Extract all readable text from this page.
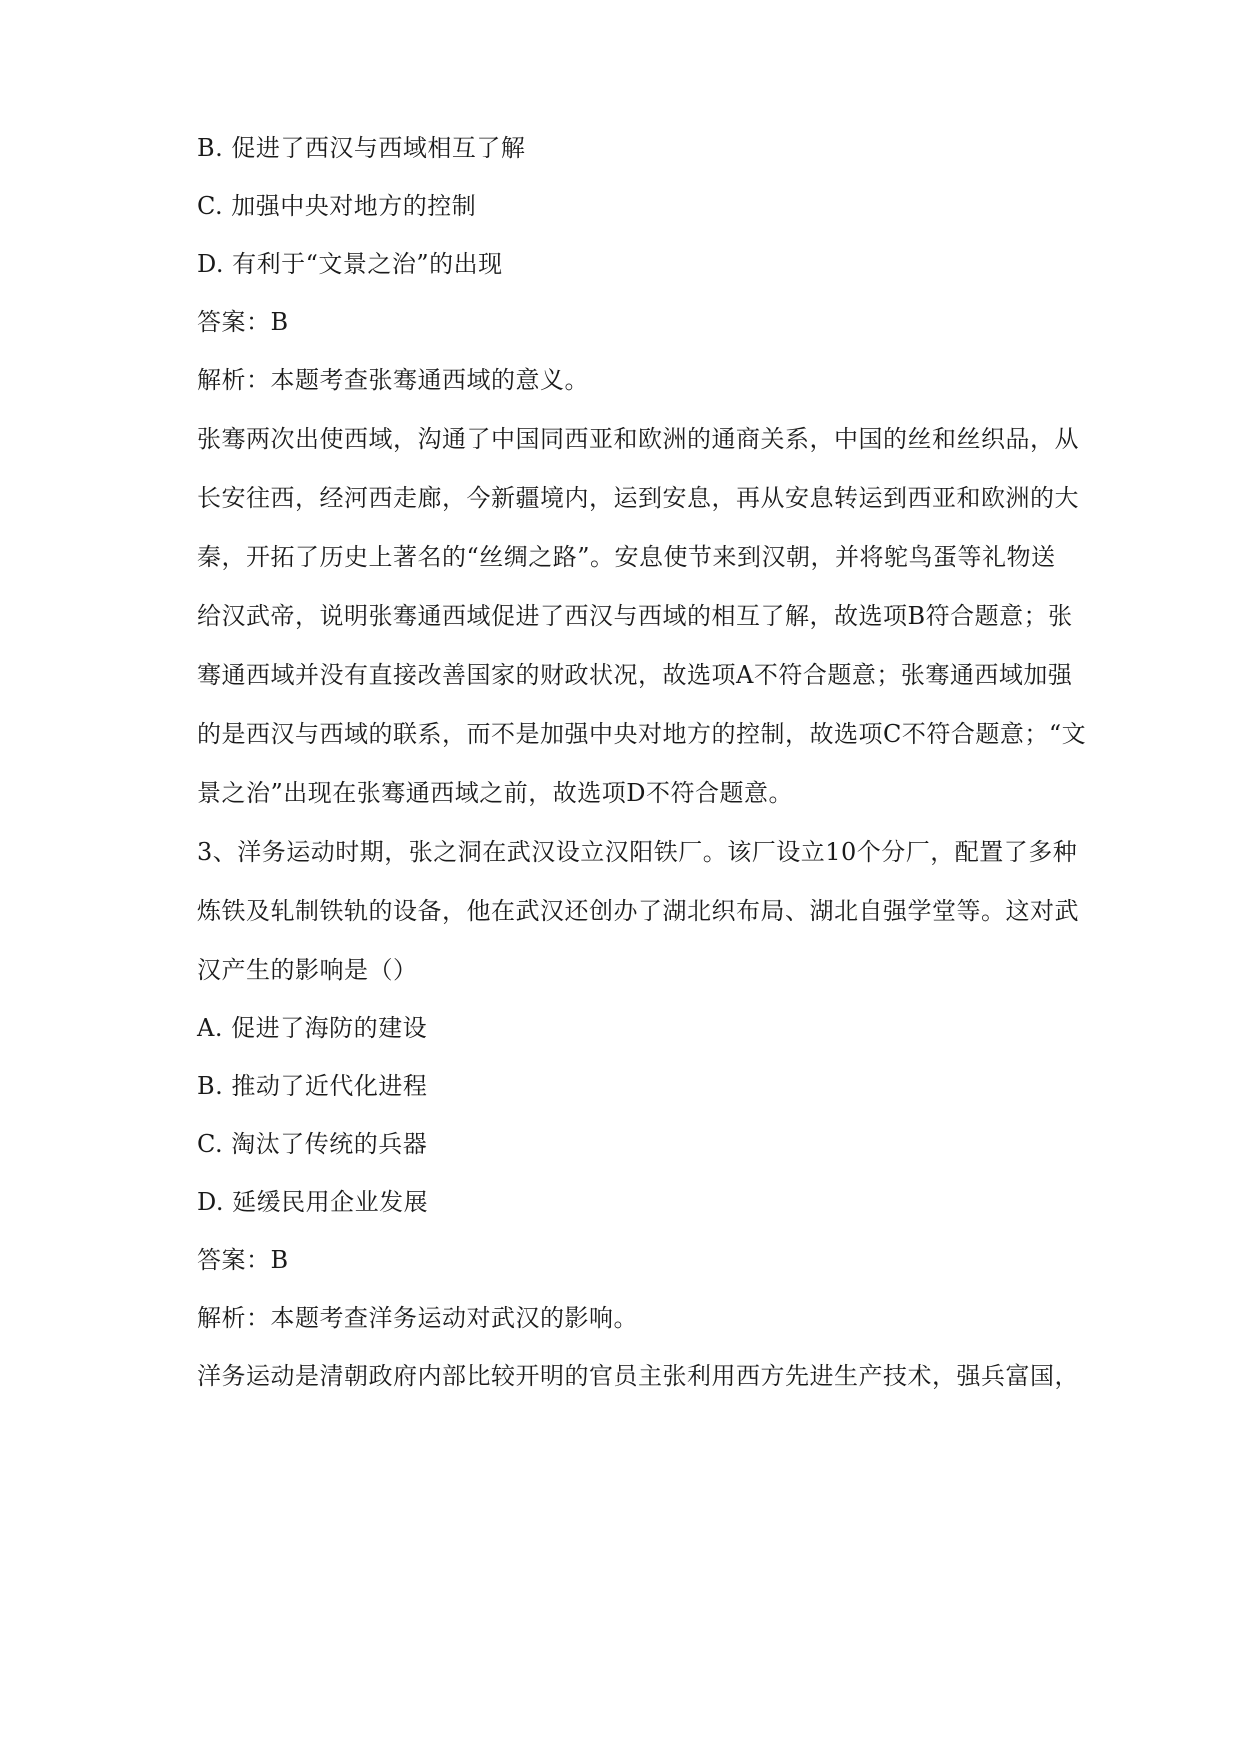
B. 促进了西汉与西域相互了解
C. 加强中央对地方的控制
D. 有利于“文景之治”的出现
答案：B
解析：本题考查张骞通西域的意义。
张骞两次出使西域，沟通了中国同西亚和欧洲的通商关系，中国的丝和丝织品，从
长安往西，经河西走廊，今新疆境内，运到安息，再从安息转运到西亚和欧洲的大
秦，开拓了历史上著名的“丝绸之路”。安息使节来到汉朝，并将鸵鸟蛋等礼物送
给汉武帝，说明张骞通西域促进了西汉与西域的相互了解，故选项B符合题意；张
骞通西域并没有直接改善国家的财政状况，故选项A不符合题意；张骞通西域加强
的是西汉与西域的联系，而不是加强中央对地方的控制，故选项C不符合题意；“文
景之治”出现在张骞通西域之前，故选项D不符合题意。
3、洋务运动时期，张之洞在武汉设立汉阳铁厂。该厂设立10个分厂，配置了多种
炼铁及轧制铁轨的设备，他在武汉还创办了湖北织布局、湖北自强学堂等。这对武
汉产生的影响是（）
A. 促进了海防的建设
B. 推动了近代化进程
C. 淘汰了传统的兵器
D. 延缓民用企业发展
答案：B
解析：本题考查洋务运动对武汉的影响。
洋务运动是清朝政府内部比较开明的官员主张利用西方先进生产技术，强兵富国，
